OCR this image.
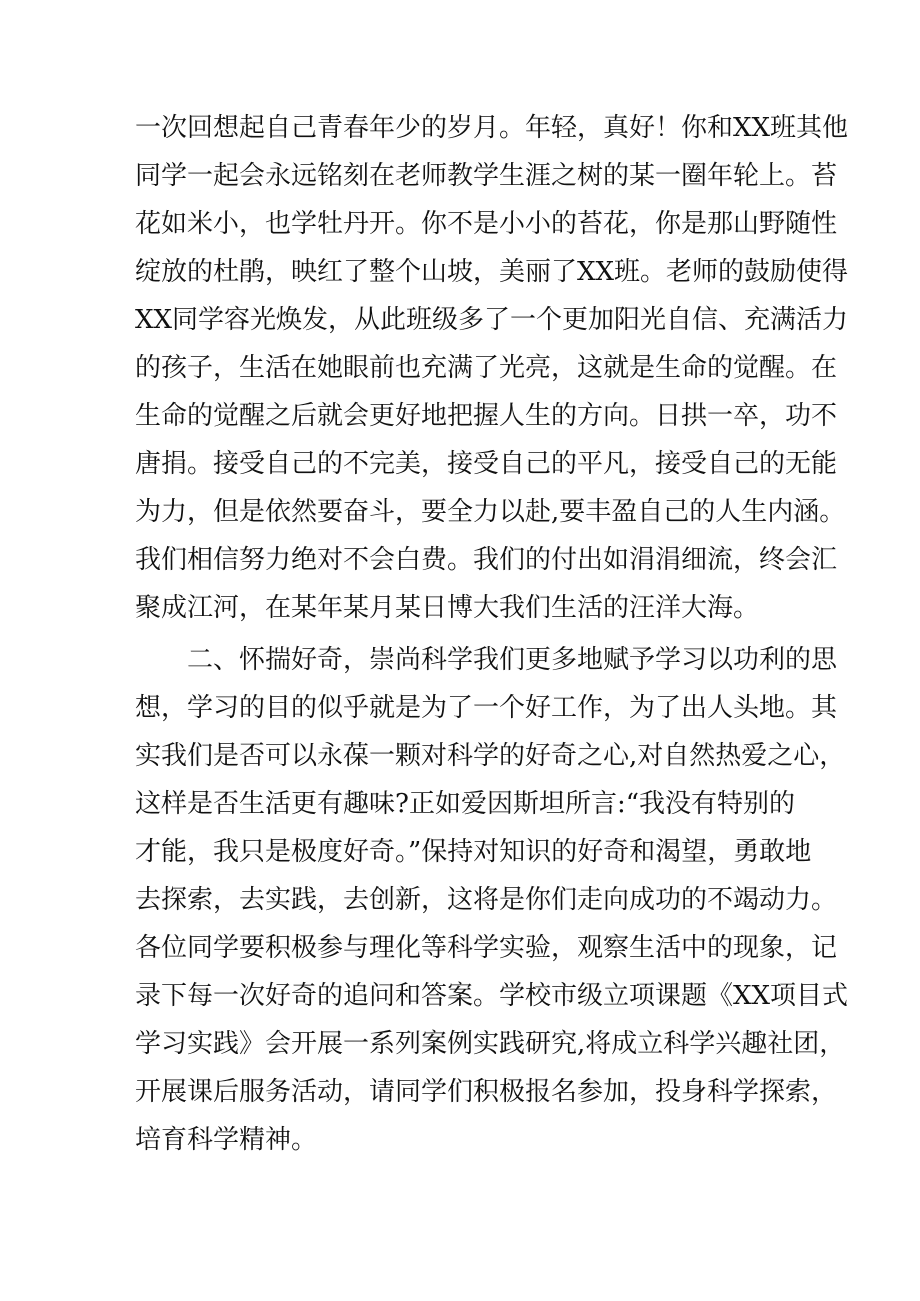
一次回想起自己青春年少的岁月。年轻，真好！你和XX班其他

同学一起会永远铭刻在老师教学生涯之树的某一圈年轮上。苔

花如米小，也学牡丹开。你不是小小的苔花，你是那山野随性

绽放的杜鹃，映红了整个山坡，美丽了XX班。老师的鼓励使得

XX同学容光焕发，从此班级多了一个更加阳光自信、充满活力

的孩子，生活在她眼前也充满了光亮，这就是生命的觉醒。在

生命的觉醒之后就会更好地把握人生的方向。日拱一卒，功不

唐捐。接受自己的不完美，接受自己的平凡，接受自己的无能

为力，但是依然要奋斗，要全力以赴,要丰盈自己的人生内涵。

我们相信努力绝对不会白费。我们的付出如涓涓细流，终会汇

聚成江河，在某年某月某日博大我们生活的汪洋大海。

二、怀揣好奇，崇尚科学我们更多地赋予学习以功利的思

想，学习的目的似乎就是为了一个好工作，为了出人头地。其

实我们是否可以永葆一颗对科学的好奇之心,对自然热爱之心，

这样是否生活更有趣味?正如爱因斯坦所言:“我没有特别的

才能，我只是极度好奇。”保持对知识的好奇和渴望，勇敢地

去探索，去实践，去创新，这将是你们走向成功的不竭动力。

各位同学要积极参与理化等科学实验，观察生活中的现象，记

录下每一次好奇的追问和答案。学校市级立项课题《XX项目式

学习实践》会开展一系列案例实践研究,将成立科学兴趣社团，

开展课后服务活动，请同学们积极报名参加，投身科学探索，

培育科学精神。
